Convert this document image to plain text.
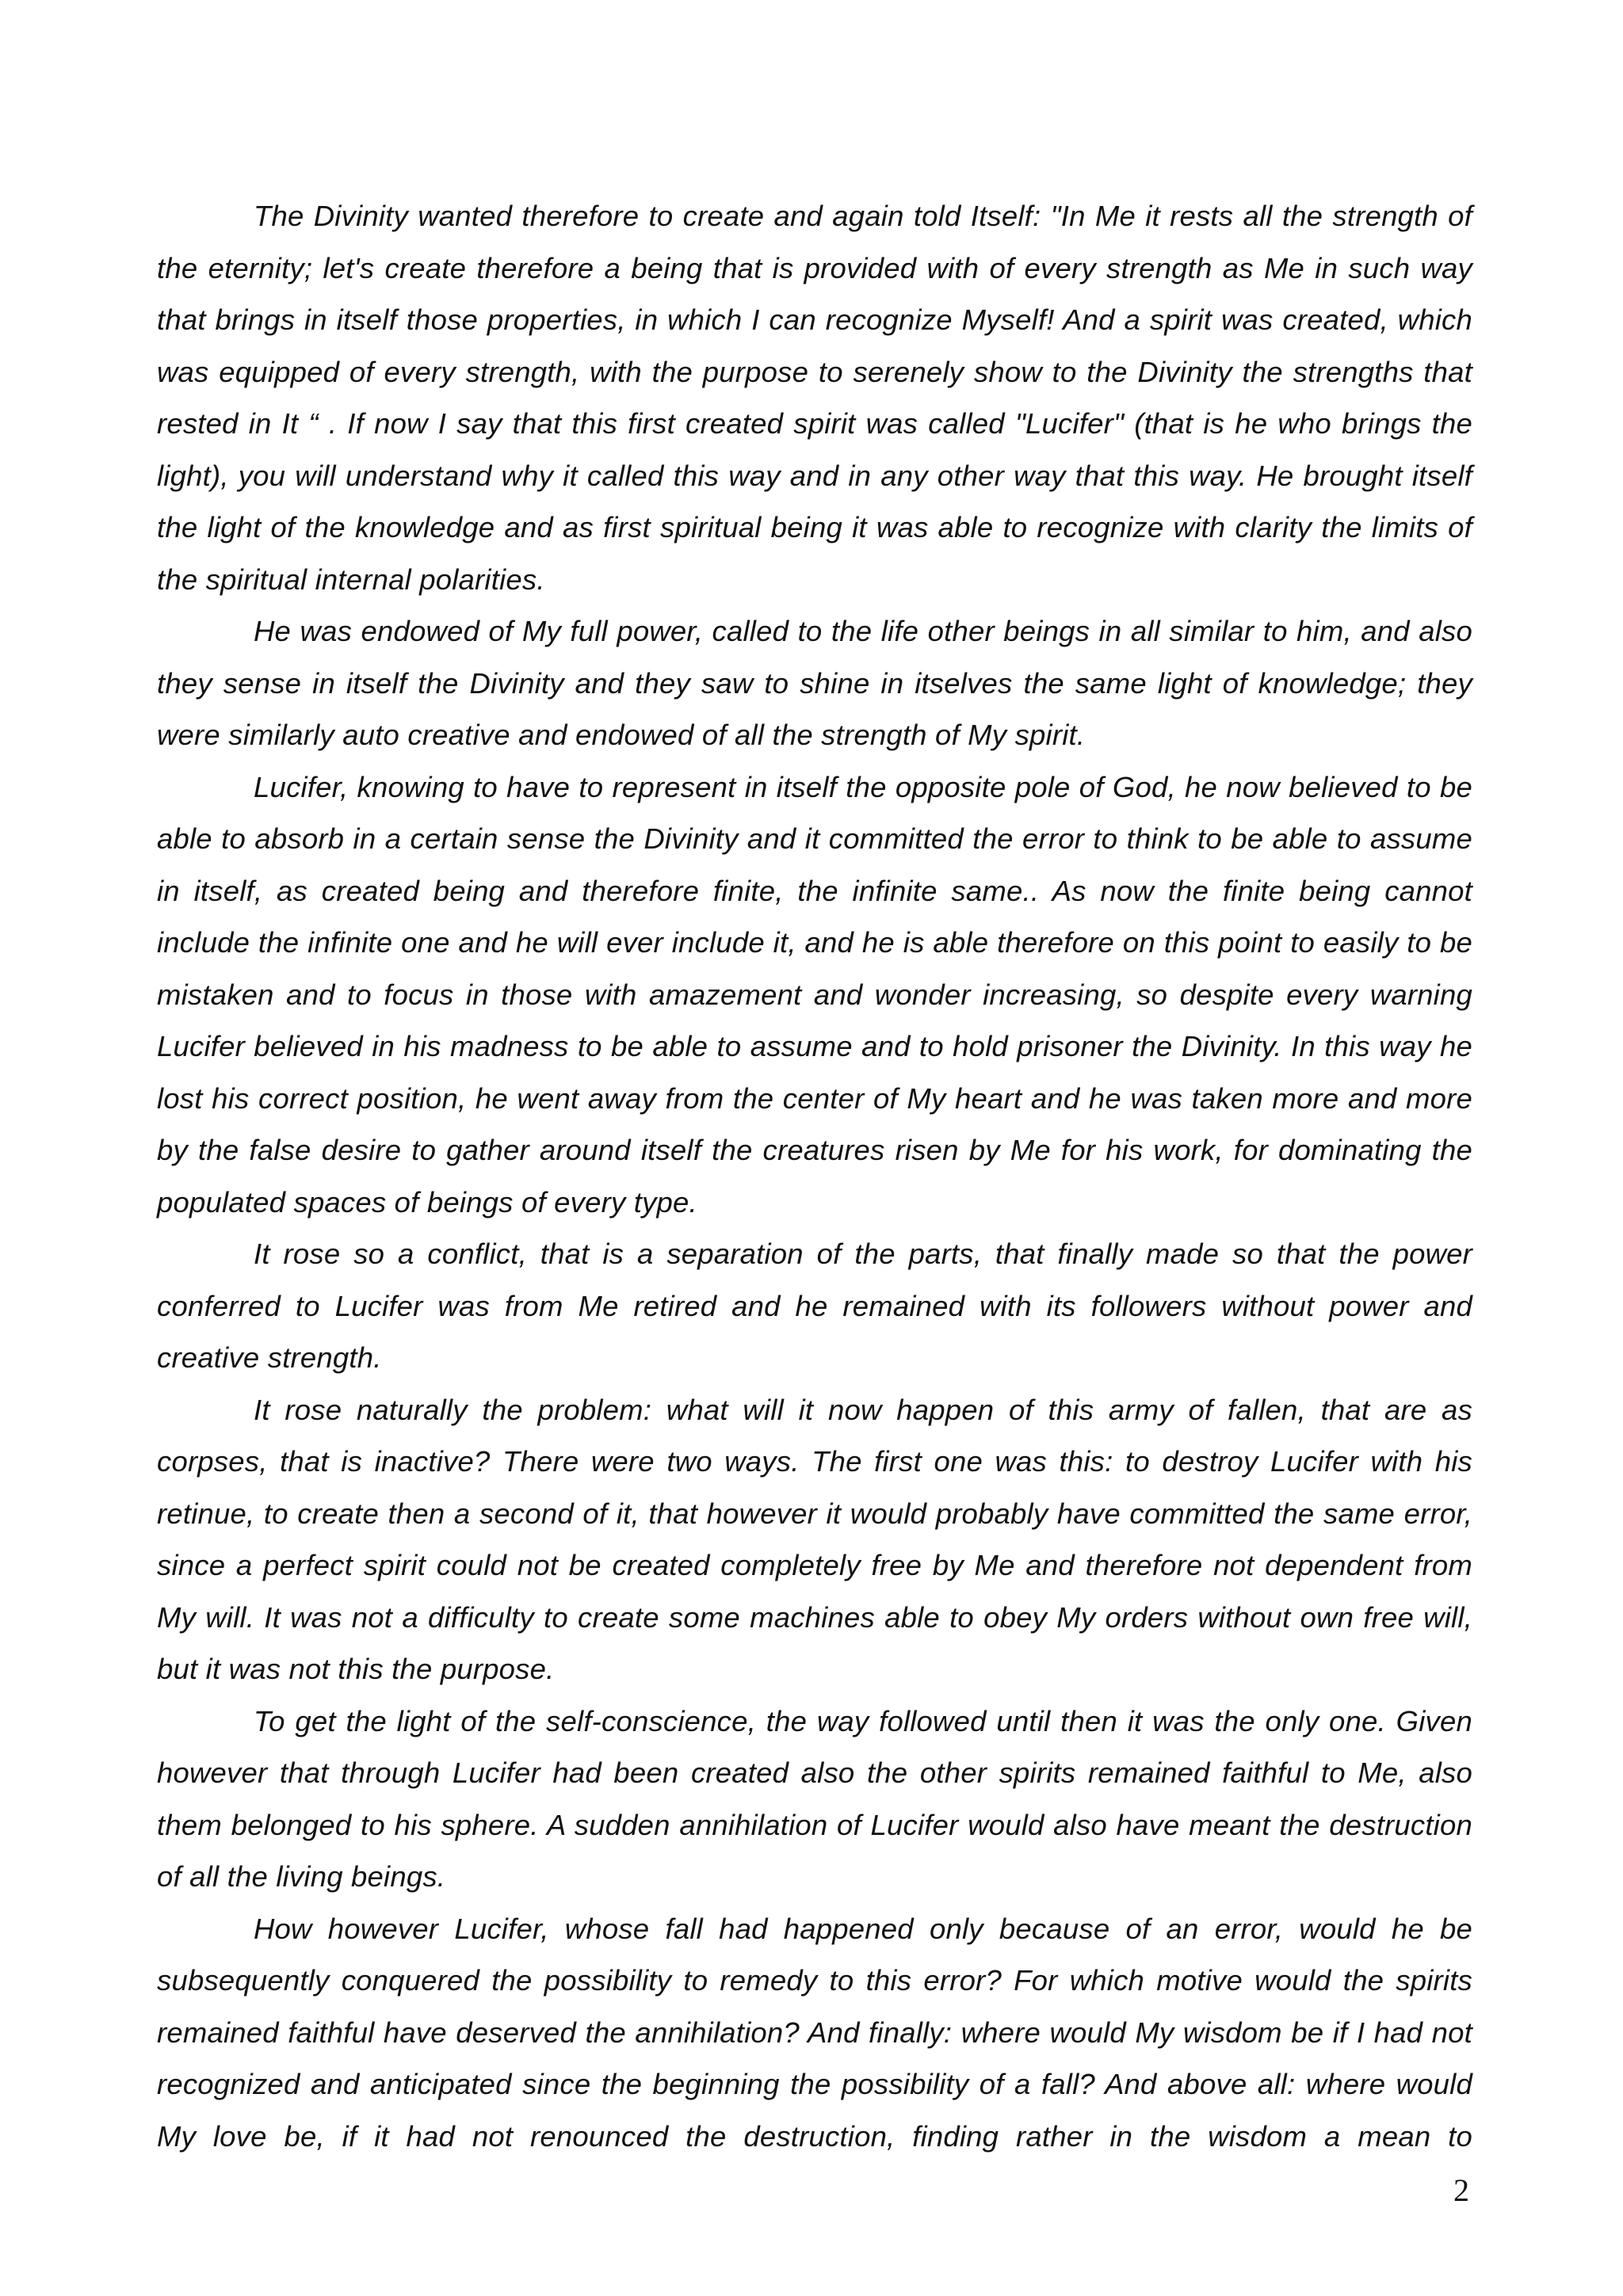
The Divinity wanted therefore to create and again told Itself: "In Me it rests all the strength of the eternity; let's create therefore a being that is provided with of every strength as Me in such way that brings in itself those properties, in which I can recognize Myself! And a spirit was created, which was equipped of every strength, with the purpose to serenely show to the Divinity the strengths that rested in It “ . If now I say that this first created spirit was called "Lucifer" (that is he who brings the light), you will understand why it called this way and in any other way that this way. He brought itself the light of the knowledge and as first spiritual being it was able to recognize with clarity the limits of the spiritual internal polarities.

He was endowed of My full power, called to the life other beings in all similar to him, and also they sense in itself the Divinity and they saw to shine in itselves the same light of knowledge; they were similarly auto creative and endowed of all the strength of My spirit.

Lucifer, knowing to have to represent in itself the opposite pole of God, he now believed to be able to absorb in a certain sense the Divinity and it committed the error to think to be able to assume in itself, as created being and therefore finite, the infinite same.. As now the finite being cannot include the infinite one and he will ever include it, and he is able therefore on this point to easily to be mistaken and to focus in those with amazement and wonder increasing, so despite every warning Lucifer believed in his madness to be able to assume and to hold prisoner the Divinity. In this way he lost his correct position, he went away from the center of My heart and he was taken more and more by the false desire to gather around itself the creatures risen by Me for his work, for dominating the populated spaces of beings of every type.

It rose so a conflict, that is a separation of the parts, that finally made so that the power conferred to Lucifer was from Me retired and he remained with its followers without power and creative strength.

It rose naturally the problem: what will it now happen of this army of fallen, that are as corpses, that is inactive? There were two ways. The first one was this: to destroy Lucifer with his retinue, to create then a second of it, that however it would probably have committed the same error, since a perfect spirit could not be created completely free by Me and therefore not dependent from My will. It was not a difficulty to create some machines able to obey My orders without own free will, but it was not this the purpose.

To get the light of the self-conscience, the way followed until then it was the only one. Given however that through Lucifer had been created also the other spirits remained faithful to Me, also them belonged to his sphere. A sudden annihilation of Lucifer would also have meant the destruction of all the living beings.

How however Lucifer, whose fall had happened only because of an error, would he be subsequently conquered the possibility to remedy to this error? For which motive would the spirits remained faithful have deserved the annihilation? And finally: where would My wisdom be if I had not recognized and anticipated since the beginning the possibility of a fall? And above all: where would My love be, if it had not renounced the destruction, finding rather in the wisdom a mean to

2
